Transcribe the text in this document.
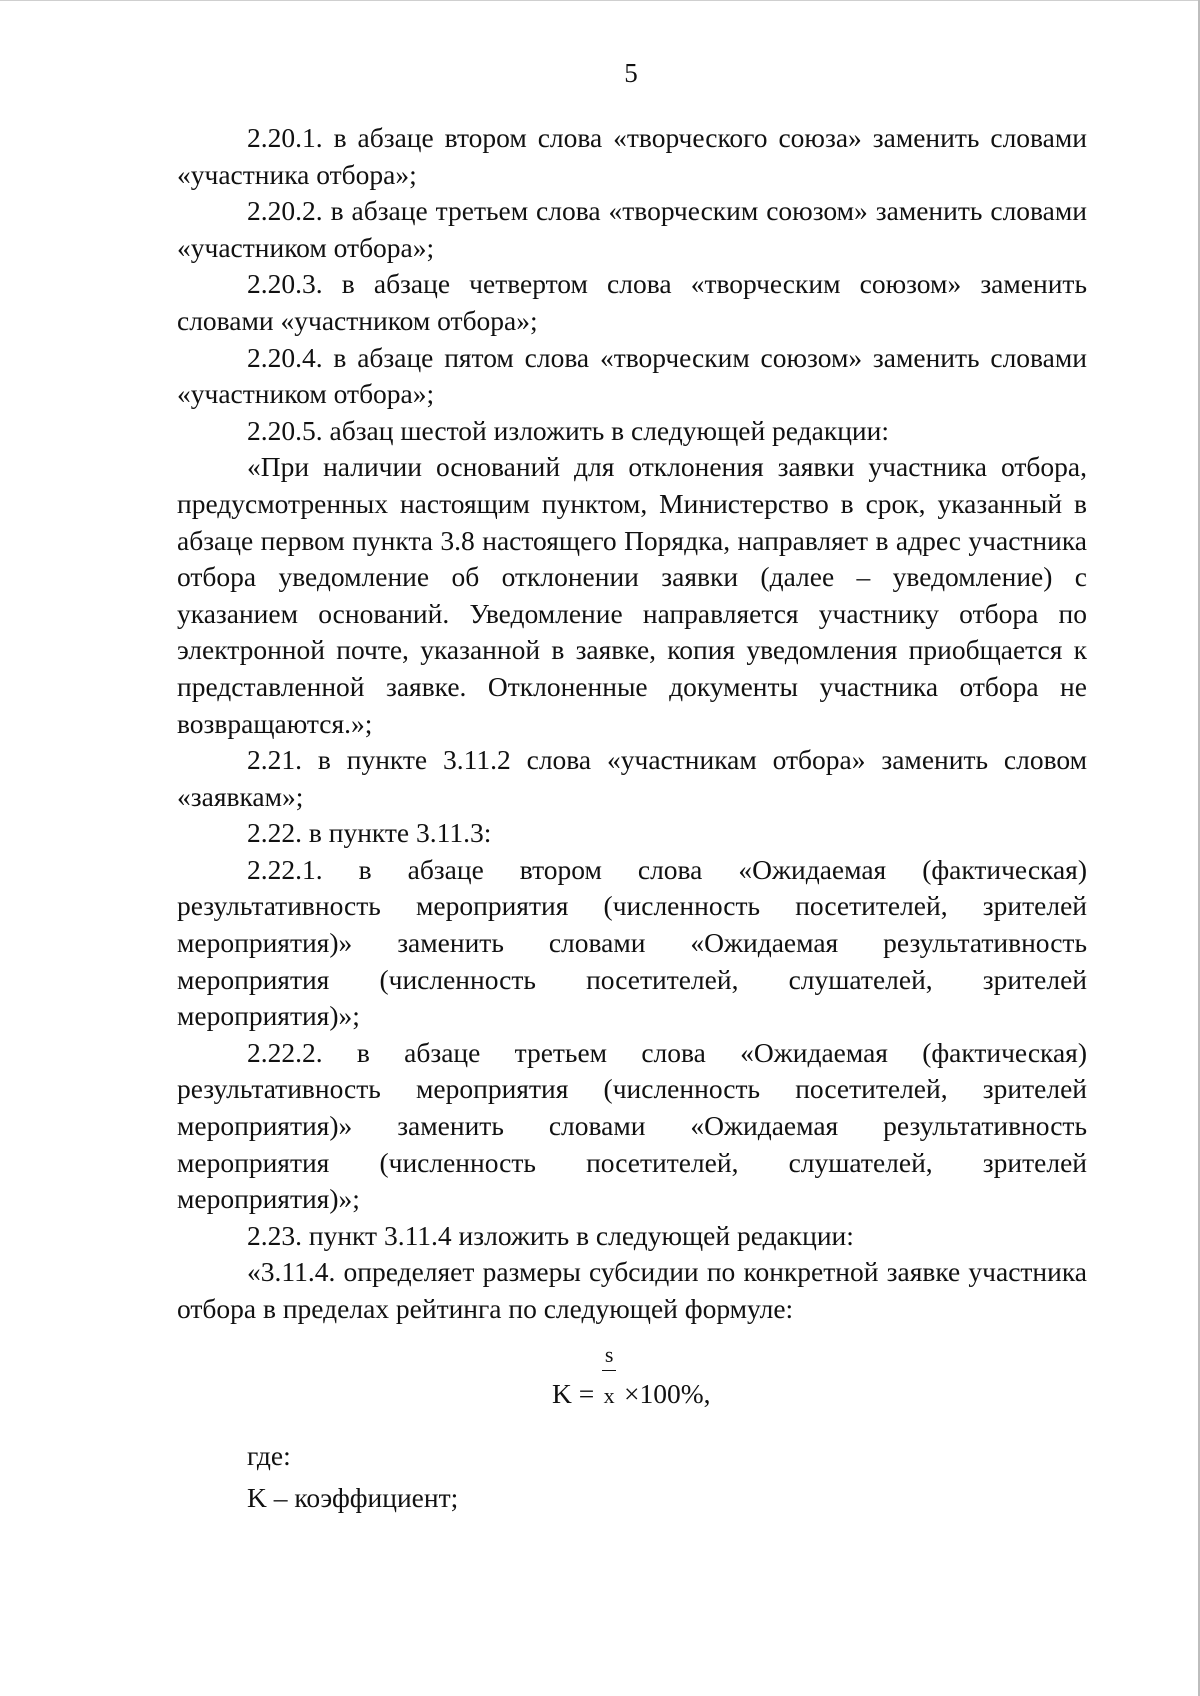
5

2.20.1. в абзаце втором слова «творческого союза» заменить словами «участника отбора»;

2.20.2. в абзаце третьем слова «творческим союзом» заменить словами «участником отбора»;

2.20.3. в абзаце четвертом слова «творческим союзом» заменить словами «участником отбора»;

2.20.4. в абзаце пятом слова «творческим союзом» заменить словами «участником отбора»;

2.20.5. абзац шестой изложить в следующей редакции:

«При наличии оснований для отклонения заявки участника отбора, предусмотренных настоящим пунктом, Министерство в срок, указанный в абзаце первом пункта 3.8 настоящего Порядка, направляет в адрес участника отбора уведомление об отклонении заявки (далее – уведомление) с указанием оснований. Уведомление направляется участнику отбора по электронной почте, указанной в заявке, копия уведомления приобщается к представленной заявке. Отклоненные документы участника отбора не возвращаются.»;

2.21. в пункте 3.11.2 слова «участникам отбора» заменить словом «заявкам»;

2.22. в пункте 3.11.3:

2.22.1. в абзаце втором слова «Ожидаемая (фактическая) результативность мероприятия (численность посетителей, зрителей мероприятия)» заменить словами «Ожидаемая результативность мероприятия (численность посетителей, слушателей, зрителей мероприятия)»;

2.22.2. в абзаце третьем слова «Ожидаемая (фактическая) результативность мероприятия (численность посетителей, зрителей мероприятия)» заменить словами «Ожидаемая результативность мероприятия (численность посетителей, слушателей, зрителей мероприятия)»;

2.23. пункт 3.11.4 изложить в следующей редакции:

«3.11.4. определяет размеры субсидии по конкретной заявке участника отбора в пределах рейтинга по следующей формуле:

$K = \frac{s}{x} \times 100\%$,

где:

K – коэффициент;
